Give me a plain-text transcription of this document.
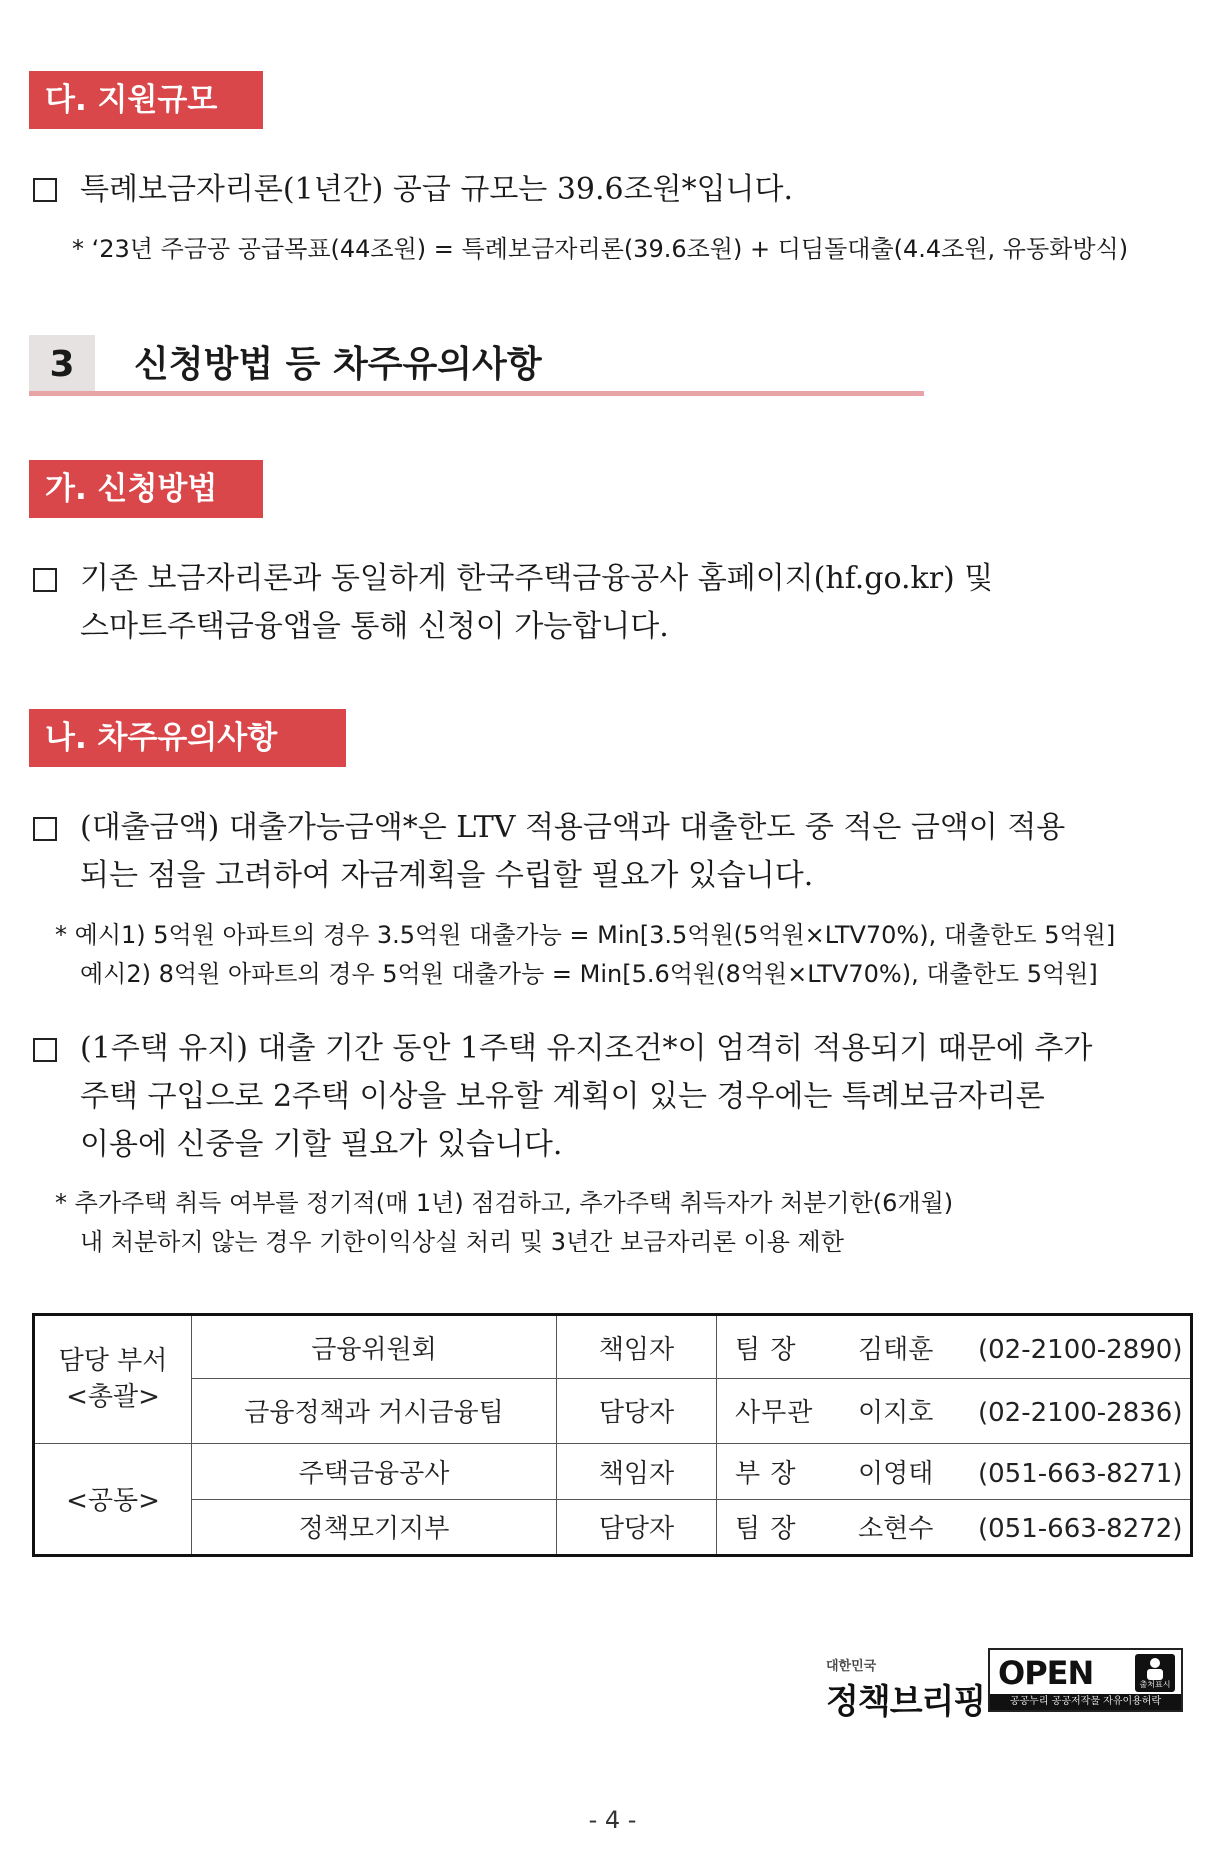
다. 지원규모
특례보금자리론(1년간) 공급 규모는 39.6조원*입니다.
* ‘23년 주금공 공급목표(44조원) = 특례보금자리론(39.6조원) + 디딤돌대출(4.4조원, 유동화방식)
3	신청방법 등 차주유의사항
가. 신청방법
기존 보금자리론과 동일하게 한국주택금융공사 홈페이지(hf.go.kr) 및
스마트주택금융앱을 통해 신청이 가능합니다.
나. 차주유의사항
(대출금액) 대출가능금액*은 LTV 적용금액과 대출한도 중 적은 금액이 적용
되는 점을 고려하여 자금계획을 수립할 필요가 있습니다.
* 예시1) 5억원 아파트의 경우 3.5억원 대출가능 = Min[3.5억원(5억원×LTV70%), 대출한도 5억원]
예시2) 8억원 아파트의 경우 5억원 대출가능 = Min[5.6억원(8억원×LTV70%), 대출한도 5억원]
(1주택 유지) 대출 기간 동안 1주택 유지조건*이 엄격히 적용되기 때문에 추가
주택 구입으로 2주택 이상을 보유할 계획이 있는 경우에는 특례보금자리론
이용에 신중을 기할 필요가 있습니다.
* 추가주택 취득 여부를 정기적(매 1년) 점검하고, 추가주택 취득자가 처분기한(6개월)
내 처분하지 않는 경우 기한이익상실 처리 및 3년간 보금자리론 이용 제한
담당 부서
<총괄>	금융위원회	책임자	팀 장 김태훈 (02-2100-2890)
	금융정책과 거시금융팀	담당자	사무관 이지호 (02-2100-2836)
<공동>	주택금융공사	책임자	부 장 이영태 (051-663-8271)
	정책모기지부	담당자	팀 장 소현수 (051-663-8272)
대한민국
정책브리핑
OPEN	출처표시
공공누리 공공저작물 자유이용허락
- 4 -
